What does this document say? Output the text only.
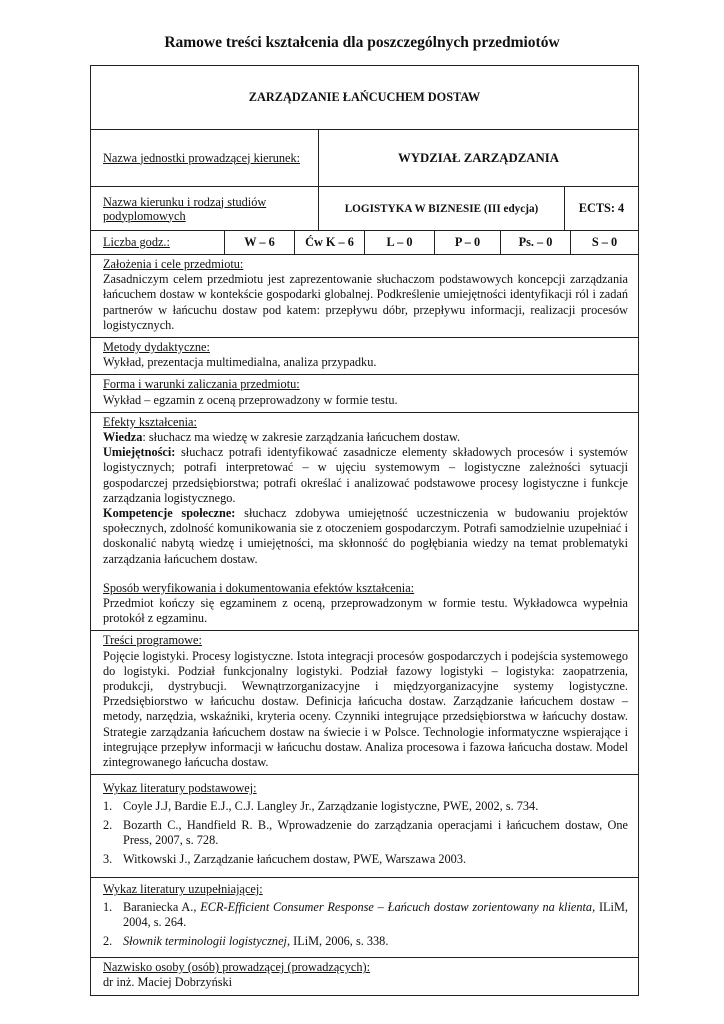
Ramowe treści kształcenia dla poszczególnych przedmiotów
ZARZĄDZANIE ŁAŃCUCHEM DOSTAW
Nazwa jednostki prowadzącej kierunek:	WYDZIAŁ ZARZĄDZANIA
Nazwa kierunku i rodzaj studiów podyplomowych	LOGISTYKA W BIZNESIE (III edycja)	ECTS: 4
Liczba godz.:	W – 6	Ćw K – 6	L – 0	P – 0	Ps. – 0	S – 0

Założenia i cele przedmiotu:

Zasadniczym celem przedmiotu jest zaprezentowanie słuchaczom podstawowych koncepcji zarządzania łańcuchem dostaw w kontekście gospodarki globalnej. Podkreślenie umiejętności identyfikacji ról i zadań partnerów w łańcuchu dostaw pod katem: przepływu dóbr, przepływu informacji, realizacji procesów logistycznych.

Metody dydaktyczne:

Wykład, prezentacja multimedialna, analiza przypadku.

Forma i warunki zaliczania przedmiotu:

Wykład – egzamin z oceną przeprowadzony w formie testu.

Efekty kształcenia:

Wiedza: słuchacz ma wiedzę w zakresie zarządzania łańcuchem dostaw.

Umiejętności: słuchacz potrafi identyfikować zasadnicze elementy składowych procesów i systemów logistycznych; potrafi interpretować – w ujęciu systemowym – logistyczne zależności sytuacji gospodarczej przedsiębiorstwa; potrafi określać i analizować podstawowe procesy logistyczne i funkcje zarządzania logistycznego.

Kompetencje społeczne: słuchacz zdobywa umiejętność uczestniczenia w budowaniu projektów społecznych, zdolność komunikowania sie z otoczeniem gospodarczym. Potrafi samodzielnie uzupełniać i doskonalić nabytą wiedzę i umiejętności, ma skłonność do pogłębiania wiedzy na temat problematyki zarządzania łańcuchem dostaw.

Sposób weryfikowania i dokumentowania efektów kształcenia:

Przedmiot kończy się egzaminem z oceną, przeprowadzonym w formie testu. Wykładowca wypełnia protokół z egzaminu.

Treści programowe:

Pojęcie logistyki. Procesy logistyczne. Istota integracji procesów gospodarczych i podejścia systemowego do logistyki. Podział funkcjonalny logistyki. Podział fazowy logistyki – logistyka: zaopatrzenia, produkcji, dystrybucji. Wewnątrzorganizacyjne i międzyorganizacyjne systemy logistyczne. Przedsiębiorstwo w łańcuchu dostaw. Definicja łańcucha dostaw. Zarządzanie łańcuchem dostaw – metody, narzędzia, wskaźniki, kryteria oceny. Czynniki integrujące przedsiębiorstwa w łańcuchy dostaw. Strategie zarządzania łańcuchem dostaw na świecie i w Polsce. Technologie informatyczne wspierające i integrujące przepływ informacji w łańcuchu dostaw. Analiza procesowa i fazowa łańcucha dostaw. Model zintegrowanego łańcucha dostaw.

Wykaz literatury podstawowej:

1. Coyle J.J, Bardie E.J., C.J. Langley Jr., Zarządzanie logistyczne, PWE, 2002, s. 734.
2. Bozarth C., Handfield R. B., Wprowadzenie do zarządzania operacjami i łańcuchem dostaw, One Press, 2007, s. 728.
3. Witkowski J., Zarządzanie łańcuchem dostaw, PWE, Warszawa 2003.

Wykaz literatury uzupełniającej:

1. Baraniecka A., ECR-Efficient Consumer Response – Łańcuch dostaw zorientowany na klienta, ILiM, 2004, s. 264.
2. Słownik terminologii logistycznej, ILiM, 2006, s. 338.

Nazwisko osoby (osób) prowadzącej (prowadzących):

dr inż. Maciej Dobrzyński
